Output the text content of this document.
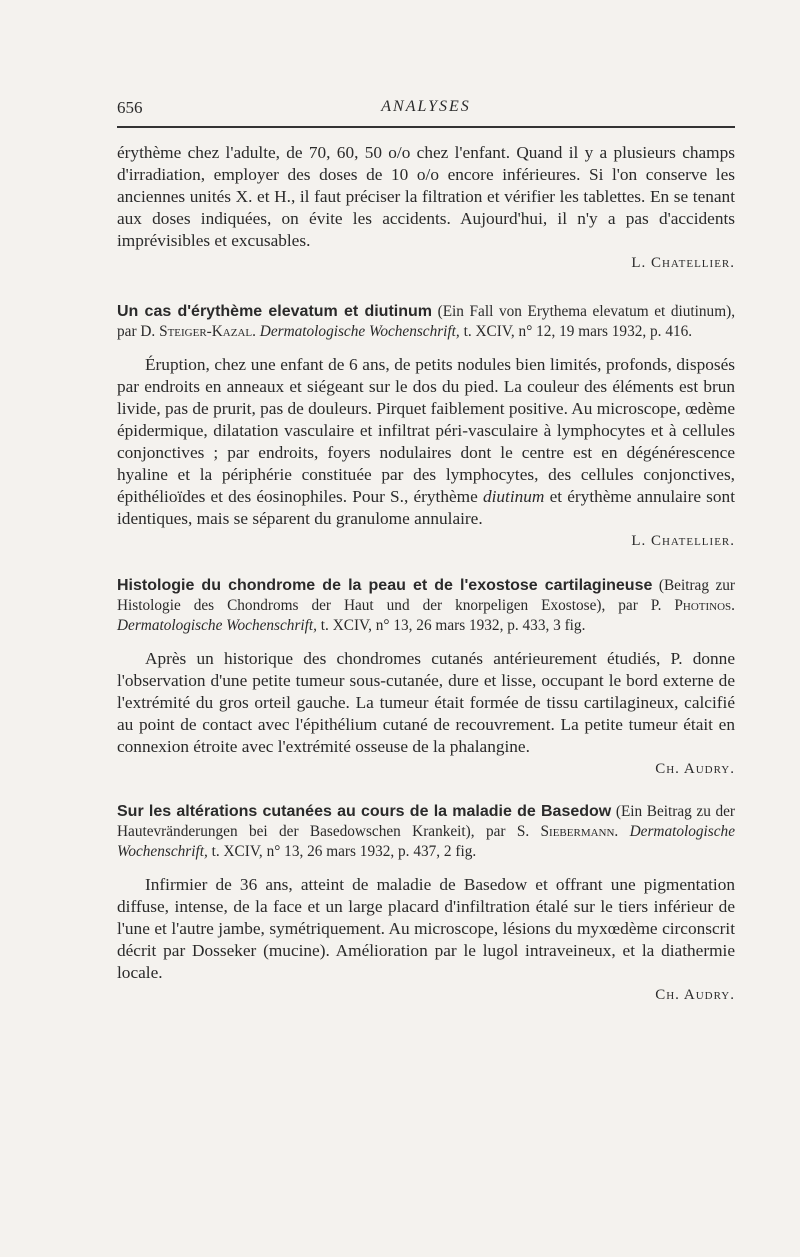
656	ANALYSES

érythème chez l'adulte, de 70, 60, 50 o/o chez l'enfant. Quand il y a plusieurs champs d'irradiation, employer des doses de 10 o/o encore inférieures. Si l'on conserve les anciennes unités X. et H., il faut préciser la filtration et vérifier les tablettes. En se tenant aux doses indiquées, on évite les accidents. Aujourd'hui, il n'y a pas d'accidents imprévisibles et excusables.

L. Chatellier.

Un cas d'érythème elevatum et diutinum (Ein Fall von Erythema elevatum et diutinum), par D. Steiger-Kazal. Dermatologische Wochenschrift, t. XCIV, n° 12, 19 mars 1932, p. 416.

Éruption, chez une enfant de 6 ans, de petits nodules bien limités, profonds, disposés par endroits en anneaux et siégeant sur le dos du pied. La couleur des éléments est brun livide, pas de prurit, pas de douleurs. Pirquet faiblement positive. Au microscope, œdème épidermique, dilatation vasculaire et infiltrat péri-vasculaire à lymphocytes et à cellules conjonctives ; par endroits, foyers nodulaires dont le centre est en dégénérescence hyaline et la périphérie constituée par des lymphocytes, des cellules conjonctives, épithélioïdes et des éosinophiles. Pour S., érythème diutinum et érythème annulaire sont identiques, mais se séparent du granulome annulaire.

L. Chatellier.

Histologie du chondrome de la peau et de l'exostose cartilagineuse (Beitrag zur Histologie des Chondroms der Haut und der knorpeligen Exostose), par P. Photinos. Dermatologische Wochenschrift, t. XCIV, n° 13, 26 mars 1932, p. 433, 3 fig.

Après un historique des chondromes cutanés antérieurement étudiés, P. donne l'observation d'une petite tumeur sous-cutanée, dure et lisse, occupant le bord externe de l'extrémité du gros orteil gauche. La tumeur était formée de tissu cartilagineux, calcifié au point de contact avec l'épithélium cutané de recouvrement. La petite tumeur était en connexion étroite avec l'extrémité osseuse de la phalangine.

Ch. Audry.

Sur les altérations cutanées au cours de la maladie de Basedow (Ein Beitrag zu der Hautevränderungen bei der Basedowschen Krankeit), par S. Siebermann. Dermatologische Wochenschrift, t. XCIV, n° 13, 26 mars 1932, p. 437, 2 fig.

Infirmier de 36 ans, atteint de maladie de Basedow et offrant une pigmentation diffuse, intense, de la face et un large placard d'infiltration étalé sur le tiers inférieur de l'une et l'autre jambe, symétriquement. Au microscope, lésions du myxœdème circonscrit décrit par Dosseker (mucine). Amélioration par le lugol intraveineux, et la diathermie locale.

Ch. Audry.
